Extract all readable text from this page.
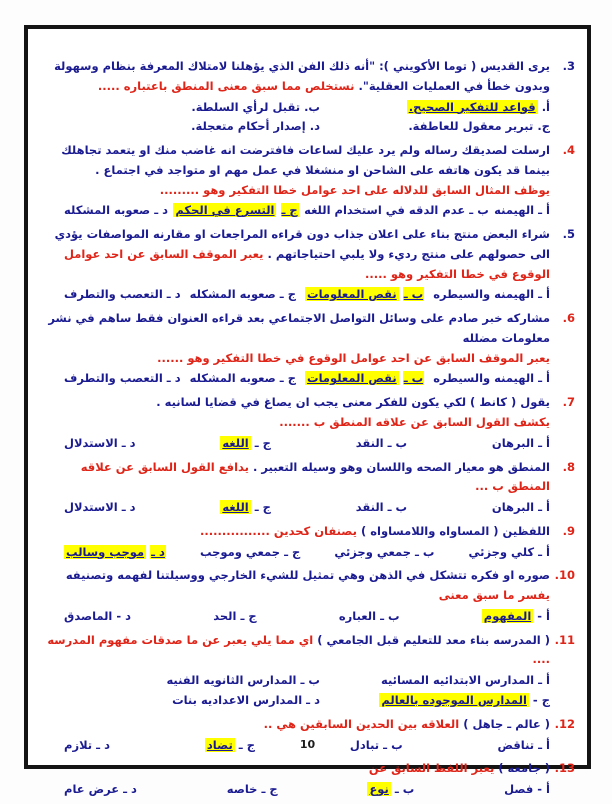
3.
يرى القديس ( توما الأكويني ): "أنه ذلك الفن الذي يؤهلنا لامتلاك المعرفة بنظام وسهولة وبدون خطأ في العمليات العقلية". نستخلص مما سبق معنى المنطق باعتباره .....
أ. قواعد للتفكير الصحيح.
ب. تقبل لرأي السلطة.
ج. تبرير معقول للعاطفة.
د. إصدار أحكام متعجلة.
4.
ارسلت لصديقك رساله ولم يرد عليك لساعات فافترضت انه غاضب منك او يتعمد تجاهلك بينما قد يكون هاتفه على الشاحن او منشغلا في عمل مهم او متواجد في اجتماع .
يوظف المثال السابق للدلاله على احد عوامل خطا التفكير وهو .........
أ ـ الهيمنه
ب ـ عدم الدقه في استخدام اللغه
ج ـ التسرع في الحكم
د ـ صعوبه المشكله
5.
شراء البعض منتج بناء على اعلان جذاب دون قراءه المراجعات او مقارنه المواصفات يؤدي الى حصولهم على منتج رديء ولا يلبي احتياجاتهم . يعبر الموقف السابق عن احد عوامل الوقوع في خطا التفكير وهو .....
أ ـ الهيمنه والسيطره
ب ـ نقص المعلومات
ج ـ صعوبه المشكله
د ـ التعصب والتطرف
6.
مشاركه خبر صادم على وسائل التواصل الاجتماعي بعد قراءه العنوان فقط ساهم في نشر معلومات مضلله
يعبر الموقف السابق عن احد عوامل الوقوع في خطا التفكير وهو ......
أ ـ الهيمنه والسيطره
ب ـ نقص المعلومات
ج ـ صعوبه المشكله
د ـ التعصب والتطرف
7.
يقول ( كانط ) لكي يكون للفكر معنى يجب ان يصاغ في قضايا لسانيه .
يكشف القول السابق عن علاقه المنطق ب .......
أ ـ البرهان
ب ـ النقد
ج ـ اللغه
د ـ الاستدلال
8.
المنطق هو معيار الصحه واللسان وهو وسيله التعبير . يدافع القول السابق عن علاقه المنطق ب ...
أ ـ البرهان
ب ـ النقد
ج ـ اللغه
د ـ الاستدلال
9.
اللفظين ( المساواه واللامساواه ) يصنفان كحدين ................
أ ـ كلي وجزئي
ب ـ جمعي وجزئي
ج ـ جمعي وموجب
د ـ موجب وسالب
10.
صوره او فكره تتشكل في الذهن وهي تمثيل للشيء الخارجي ووسيلتنا لفهمه وتصنيفه يفسر ما سبق معنى
أ - المفهوم
ب ـ العباره
ج ـ الحد
د - الماصدق
11.
( المدرسه بناء معد للتعليم قبل الجامعي ) اي مما يلي يعبر عن ما صدقات مفهوم المدرسه ....
أ ـ المدارس الابتدائيه المسائيه
ب ـ المدارس الثانويه الفنيه
ج - المدارس الموجوده بالعالم
د ـ المدارس الاعداديه بنات
12.
( عالم ـ جاهل ) العلاقه بين الحدين السابقين هي ..
أ ـ تناقض
ب ـ تبادل
ج ـ تضاد
د ـ تلازم
13.
( جامعه ) يعبر اللفظ السابق عن
أ - فصل
ب ـ نوع
ج ـ خاصه
د ـ عرض عام
10
